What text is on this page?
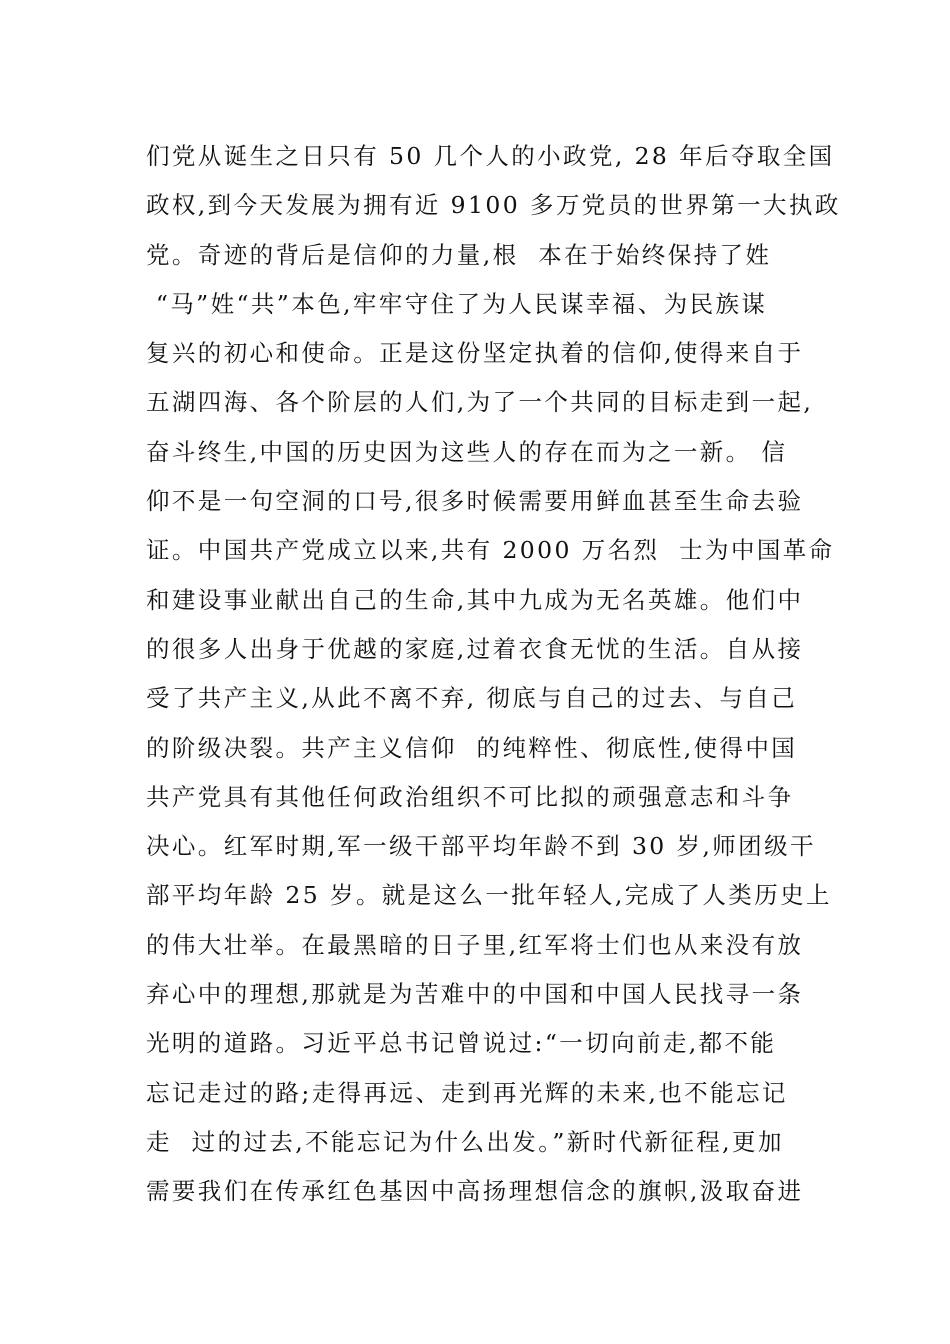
们党从诞生之日只有 50 几个人的小政党, 28 年后夺取全国
政权,到今天发展为拥有近 9100 多万党员的世界第一大执政
党。奇迹的背后是信仰的力量,根  本在于始终保持了姓
“马”姓“共”本色,牢牢守住了为人民谋幸福、为民族谋
复兴的初心和使命。正是这份坚定执着的信仰,使得来自于
五湖四海、各个阶层的人们,为了一个共同的目标走到一起,
奋斗终生,中国的历史因为这些人的存在而为之一新。 信
仰不是一句空洞的口号,很多时候需要用鲜血甚至生命去验
证。中国共产党成立以来,共有 2000 万名烈  士为中国革命
和建设事业献出自己的生命,其中九成为无名英雄。他们中
的很多人出身于优越的家庭,过着衣食无忧的生活。自从接
受了共产主义,从此不离不弃, 彻底与自己的过去、与自己
的阶级决裂。共产主义信仰  的纯粹性、彻底性,使得中国
共产党具有其他任何政治组织不可比拟的顽强意志和斗争
决心。红军时期,军一级干部平均年龄不到 30 岁,师团级干
部平均年龄 25 岁。就是这么一批年轻人,完成了人类历史上
的伟大壮举。在最黑暗的日子里,红军将士们也从来没有放
弃心中的理想,那就是为苦难中的中国和中国人民找寻一条
光明的道路。习近平总书记曾说过:“一切向前走,都不能
忘记走过的路;走得再远、走到再光辉的未来,也不能忘记
走  过的过去,不能忘记为什么出发。”新时代新征程,更加
需要我们在传承红色基因中高扬理想信念的旗帜,汲取奋进
